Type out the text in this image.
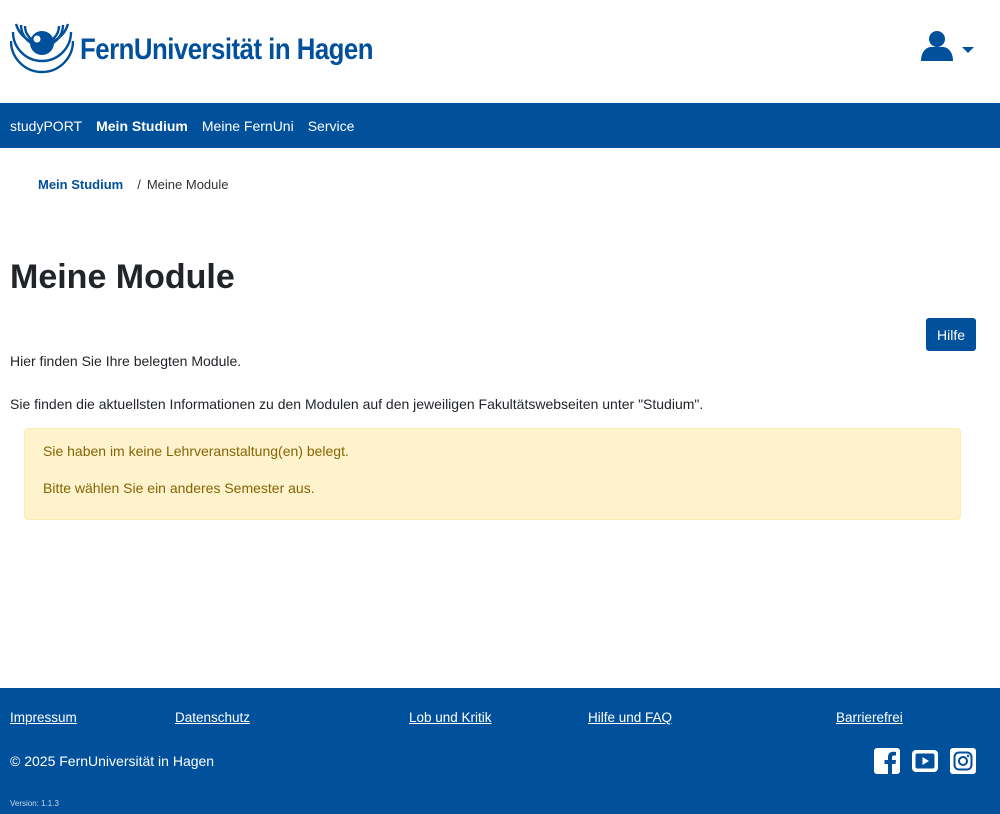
FernUniversität in Hagen
studyPORT Mein Studium Meine FernUni Service
Mein Studium / Meine Module
Meine Module
Hilfe

Hier finden Sie Ihre belegten Module.

Sie finden die aktuellsten Informationen zu den Modulen auf den jeweiligen Fakultätswebseiten unter "Studium".

Sie haben im keine Lehrveranstaltung(en) belegt.

Bitte wählen Sie ein anderes Semester aus.

Impressum	Datenschutz	Lob und Kritik	Hilfe und FAQ	Barrierefrei
© 2025 FernUniversität in Hagen
Version: 1.1.3
